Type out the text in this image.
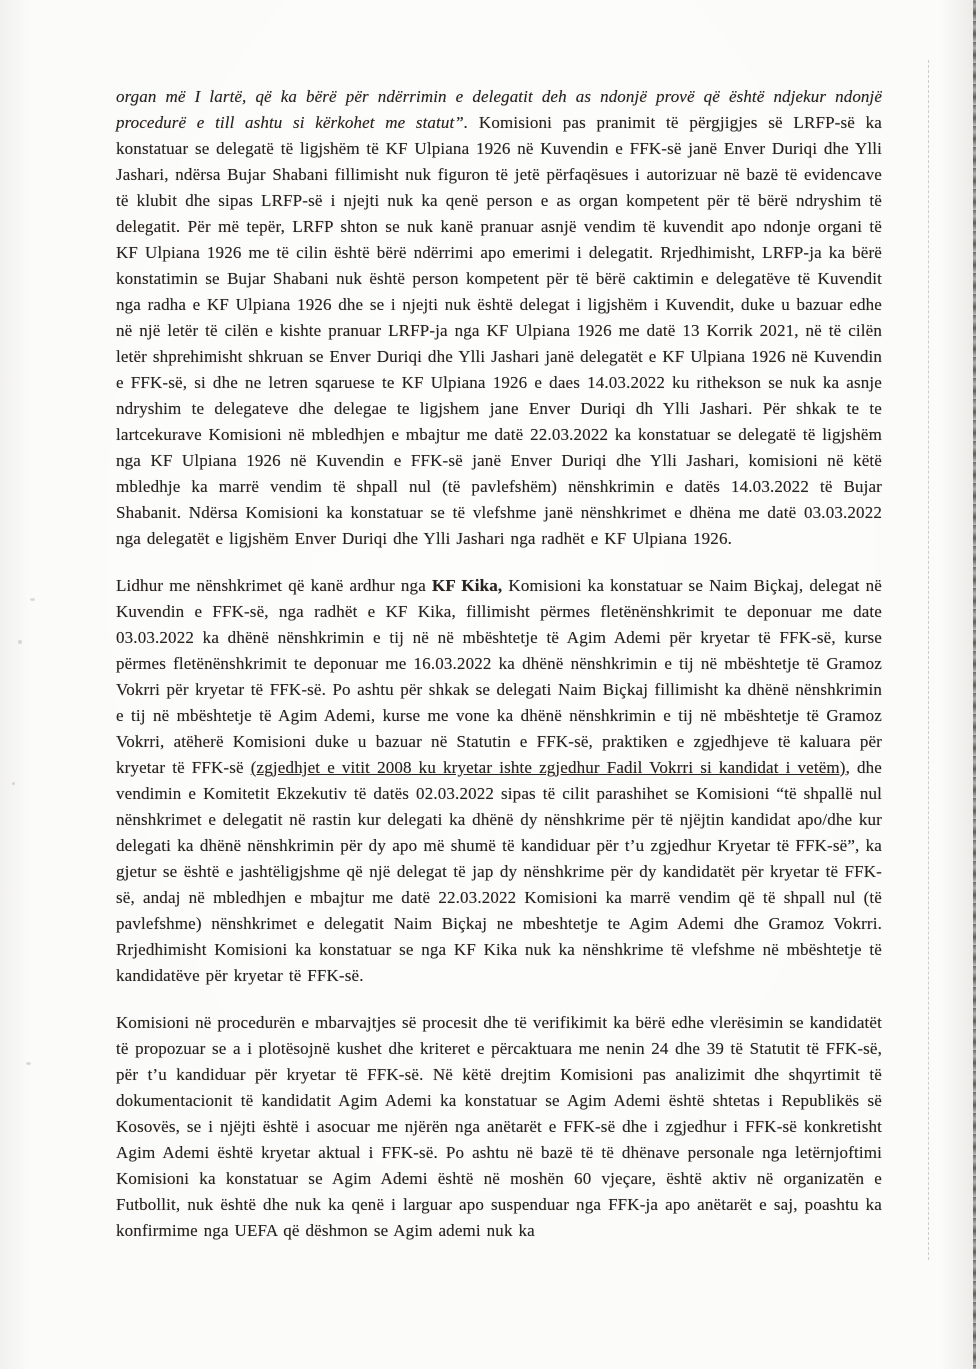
organ më I lartë, që ka bërë për ndërrimin e delegatit deh as ndonjë provë që është ndjekur ndonjë procedurë e till ashtu si kërkohet me statut”. Komisioni pas pranimit të përgjigjes së LRFP-së ka konstatuar se delegatë të ligjshëm të KF Ulpiana 1926 në Kuvendin e FFK-së janë Enver Duriqi dhe Ylli Jashari, ndërsa Bujar Shabani fillimisht nuk figuron të jetë përfaqësues i autorizuar në bazë të evidencave të klubit dhe sipas LRFP-së i njejti nuk ka qenë person e as organ kompetent për të bërë ndryshim të delegatit. Për më tepër, LRFP shton se nuk kanë pranuar asnjë vendim të kuvendit apo ndonje organi të KF Ulpiana 1926 me të cilin është bërë ndërrimi apo emerimi i delegatit. Rrjedhimisht, LRFP-ja ka bërë konstatimin se Bujar Shabani nuk është person kompetent për të bërë caktimin e delegatëve të Kuvendit nga radha e KF Ulpiana 1926 dhe se i njejti nuk është delegat i ligjshëm i Kuvendit, duke u bazuar edhe në një letër të cilën e kishte pranuar LRFP-ja nga KF Ulpiana 1926 me datë 13 Korrik 2021, në të cilën letër shprehimisht shkruan se Enver Duriqi dhe Ylli Jashari janë delegatët e KF Ulpiana 1926 në Kuvendin e FFK-së, si dhe ne letren sqaruese te KF Ulpiana 1926 e daes 14.03.2022 ku rithekson se nuk ka asnje ndryshim te delegateve dhe delegae te ligjshem jane Enver Duriqi dh Ylli Jashari. Për shkak te te lartcekurave Komisioni në mbledhjen e mbajtur me datë 22.03.2022 ka konstatuar se delegatë të ligjshëm nga KF Ulpiana 1926 në Kuvendin e FFK-së janë Enver Duriqi dhe Ylli Jashari, komisioni në këtë mbledhje ka marrë vendim të shpall nul (të pavlefshëm) nënshkrimin e datës 14.03.2022 të Bujar Shabanit. Ndërsa Komisioni ka konstatuar se të vlefshme janë nënshkrimet e dhëna me datë 03.03.2022 nga delegatët e ligjshëm Enver Duriqi dhe Ylli Jashari nga radhët e KF Ulpiana 1926.

Lidhur me nënshkrimet që kanë ardhur nga KF Kika, Komisioni ka konstatuar se Naim Biçkaj, delegat në Kuvendin e FFK-së, nga radhët e KF Kika, fillimisht përmes fletënënshkrimit te deponuar me date 03.03.2022 ka dhënë nënshkrimin e tij në në mbështetje të Agim Ademi për kryetar të FFK-së, kurse përmes fletënënshkrimit te deponuar me 16.03.2022 ka dhënë nënshkrimin e tij në mbështetje të Gramoz Vokrri për kryetar të FFK-së. Po ashtu për shkak se delegati Naim Biçkaj fillimisht ka dhënë nënshkrimin e tij në mbështetje të Agim Ademi, kurse me vone ka dhënë nënshkrimin e tij në mbështetje të Gramoz Vokrri, atëherë Komisioni duke u bazuar në Statutin e FFK-së, praktiken e zgjedhjeve të kaluara për kryetar të FFK-së (zgjedhjet e vitit 2008 ku kryetar ishte zgjedhur Fadil Vokrri si kandidat i vetëm), dhe vendimin e Komitetit Ekzekutiv të datës 02.03.2022 sipas të cilit parashihet se Komisioni “të shpallë nul nënshkrimet e delegatit në rastin kur delegati ka dhënë dy nënshkrime për të njëjtin kandidat apo/dhe kur delegati ka dhënë nënshkrimin për dy apo më shumë të kandiduar për t’u zgjedhur Kryetar të FFK-së”, ka gjetur se është e jashtëligjshme që një delegat të jap dy nënshkrime për dy kandidatët për kryetar të FFK-së, andaj në mbledhjen e mbajtur me datë 22.03.2022 Komisioni ka marrë vendim që të shpall nul (të pavlefshme) nënshkrimet e delegatit Naim Biçkaj ne mbeshtetje te Agim Ademi dhe Gramoz Vokrri. Rrjedhimisht Komisioni ka konstatuar se nga KF Kika nuk ka nënshkrime të vlefshme në mbështetje të kandidatëve për kryetar të FFK-së.

Komisioni në procedurën e mbarvajtjes së procesit dhe të verifikimit ka bërë edhe vlerësimin se kandidatët të propozuar se a i plotësojnë kushet dhe kriteret e përcaktuara me nenin 24 dhe 39 të Statutit të FFK-së, për t’u kandiduar për kryetar të FFK-së. Në këtë drejtim Komisioni pas analizimit dhe shqyrtimit të dokumentacionit të kandidatit Agim Ademi ka konstatuar se Agim Ademi është shtetas i Republikës së Kosovës, se i njëjti është i asocuar me njërën nga anëtarët e FFK-së dhe i zgjedhur i FFK-së konkretisht Agim Ademi është kryetar aktual i FFK-së. Po ashtu në bazë të të dhënave personale nga letërnjoftimi Komisioni ka konstatuar se Agim Ademi është në moshën 60 vjeçare, është aktiv në organizatën e Futbollit, nuk është dhe nuk ka qenë i larguar apo suspenduar nga FFK-ja apo anëtarët e saj, poashtu ka konfirmime nga UEFA që dëshmon se Agim ademi nuk ka
